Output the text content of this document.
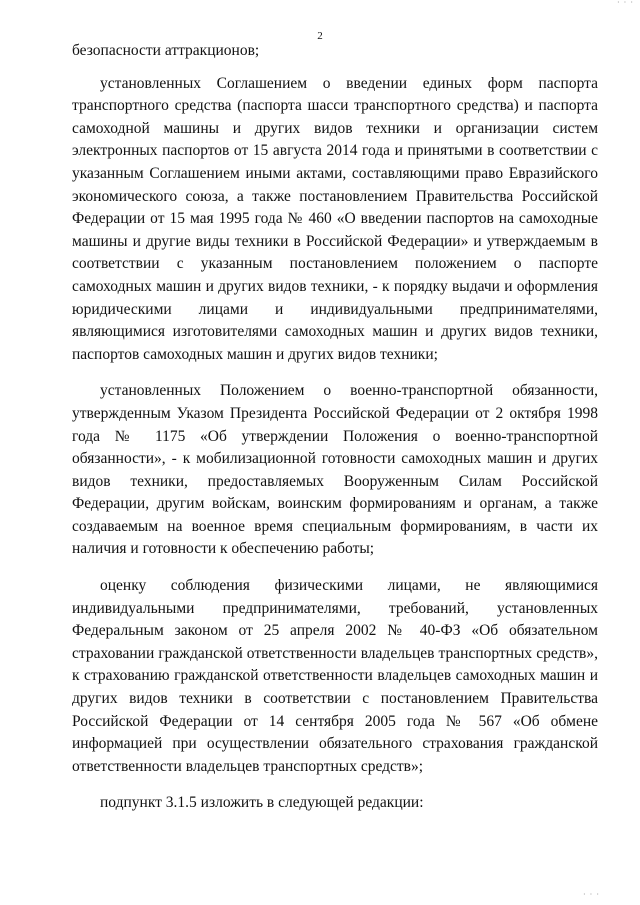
· · ·
2

безопасности аттракционов;

установленных Соглашением о введении единых форм паспорта транспортного средства (паспорта шасси транспортного средства) и паспорта самоходной машины и других видов техники и организации систем электронных паспортов от 15 августа 2014 года и принятыми в соответствии с указанным Соглашением иными актами, составляющими право Евразийского экономического союза, а также постановлением Правительства Российской Федерации от 15 мая 1995 года № 460 «О введении паспортов на самоходные машины и другие виды техники в Российской Федерации» и утверждаемым в соответствии с указанным постановлением положением о паспорте самоходных машин и других видов техники, - к порядку выдачи и оформления юридическими лицами и индивидуальными предпринимателями, являющимися изготовителями самоходных машин и других видов техники, паспортов самоходных машин и других видов техники;

установленных Положением о военно-транспортной обязанности, утвержденным Указом Президента Российской Федерации от 2 октября 1998 года № 1175 «Об утверждении Положения о военно-транспортной обязанности», - к мобилизационной готовности самоходных машин и других видов техники, предоставляемых Вооруженным Силам Российской Федерации, другим войскам, воинским формированиям и органам, а также создаваемым на военное время специальным формированиям, в части их наличия и готовности к обеспечению работы;

оценку соблюдения физическими лицами, не являющимися индивидуальными предпринимателями, требований, установленных Федеральным законом от 25 апреля 2002 № 40-ФЗ «Об обязательном страховании гражданской ответственности владельцев транспортных средств», к страхованию гражданской ответственности владельцев самоходных машин и других видов техники в соответствии с постановлением Правительства Российской Федерации от 14 сентября 2005 года № 567 «Об обмене информацией при осуществлении обязательного страхования гражданской ответственности владельцев транспортных средств»;

подпункт 3.1.5 изложить в следующей редакции:

· · ·
